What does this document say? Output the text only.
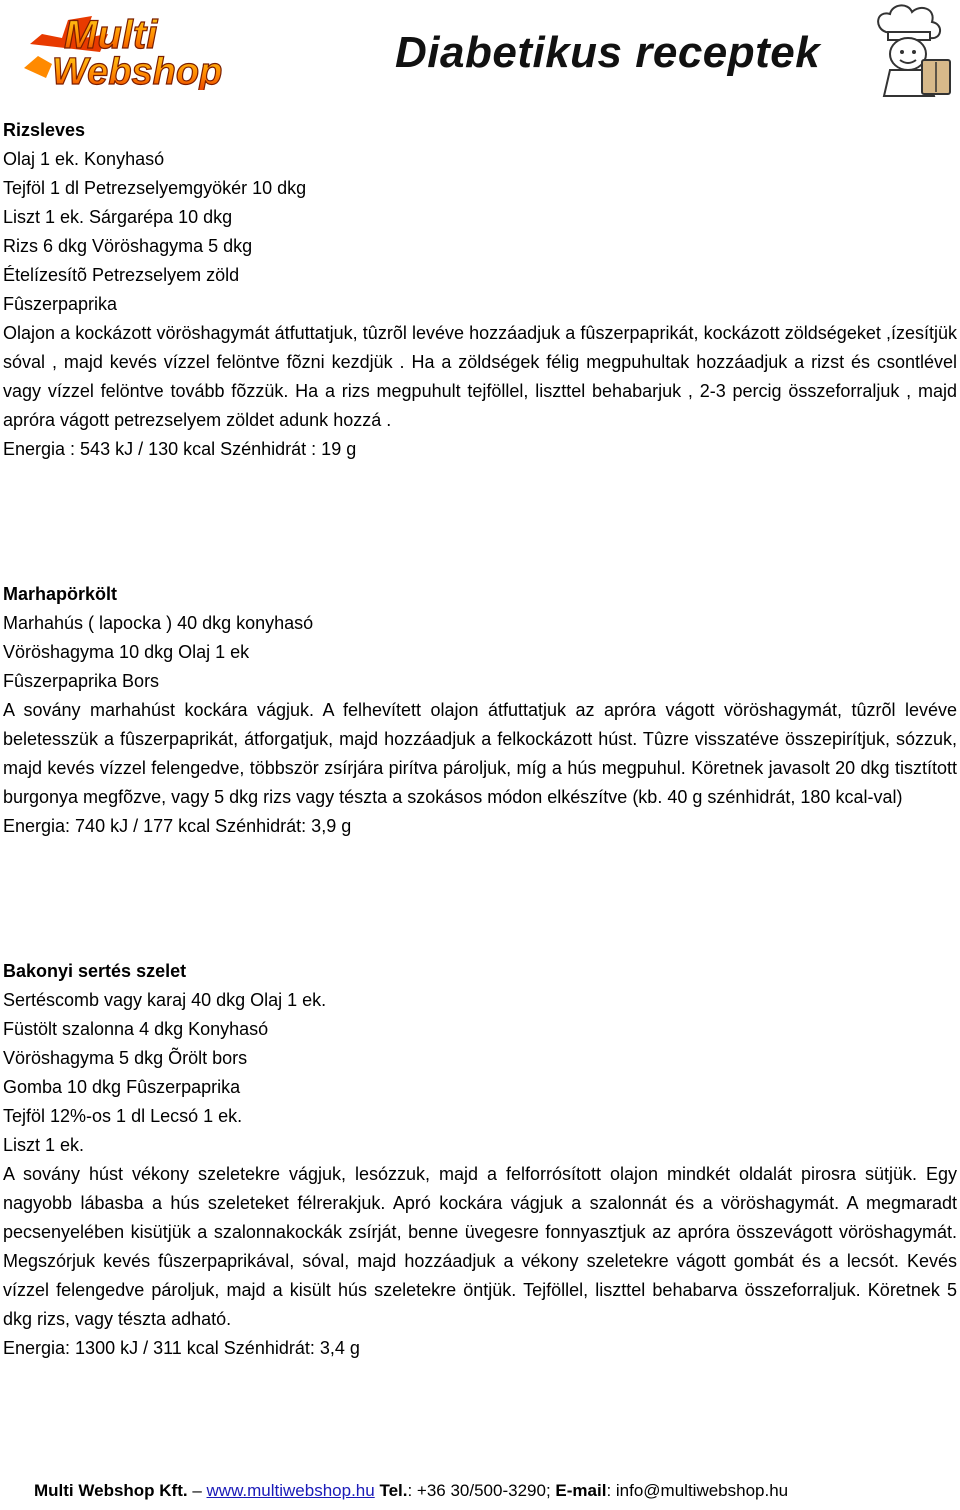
Multi
Webshop	Diabetikus receptek
Rizsleves
Olaj 1 ek. Konyhasó
Tejföl 1 dl Petrezselyemgyökér 10 dkg
Liszt 1 ek. Sárgarépa 10 dkg
Rizs 6 dkg Vöröshagyma 5 dkg
Ételízesítõ Petrezselyem zöld
Fûszerpaprika
Olajon a kockázott vöröshagymát átfuttatjuk, tûzrõl levéve hozzáadjuk a fûszerpaprikát, kockázott zöldségeket ,ízesítjük sóval , majd kevés vízzel felöntve fõzni kezdjük . Ha a zöldségek félig megpuhultak hozzáadjuk a rizst és csontlével vagy vízzel felöntve tovább fõzzük. Ha a rizs megpuhult tejföllel, liszttel behabarjuk , 2-3 percig összeforraljuk , majd apróra vágott petrezselyem zöldet adunk hozzá .
Energia : 543 kJ / 130 kcal Szénhidrát : 19 g
Marhapörkölt
Marhahús ( lapocka ) 40 dkg konyhasó
Vöröshagyma 10 dkg Olaj 1 ek
Fûszerpaprika Bors
A sovány marhahúst kockára vágjuk. A felhevített olajon átfuttatjuk az apróra vágott vöröshagymát, tûzrõl levéve beletesszük a fûszerpaprikát, átforgatjuk, majd hozzáadjuk a felkockázott húst. Tûzre visszatéve összepirítjuk, sózzuk, majd kevés vízzel felengedve, többször zsírjára pirítva pároljuk, míg a hús megpuhul. Köretnek javasolt 20 dkg tisztított burgonya megfõzve, vagy 5 dkg rizs vagy tészta a szokásos módon elkészítve (kb. 40 g szénhidrát, 180 kcal-val)
Energia: 740 kJ / 177 kcal Szénhidrát: 3,9 g
Bakonyi sertés szelet
Sertéscomb vagy karaj 40 dkg Olaj 1 ek.
Füstölt szalonna 4 dkg Konyhasó
Vöröshagyma 5 dkg Õrölt bors
Gomba 10 dkg Fûszerpaprika
Tejföl 12%-os 1 dl Lecsó 1 ek.
Liszt 1 ek.
A sovány húst vékony szeletekre vágjuk, lesózzuk, majd a felforrósított olajon mindkét oldalát pirosra sütjük. Egy nagyobb lábasba a hús szeleteket félrerakjuk. Apró kockára vágjuk a szalonnát és a vöröshagymát. A megmaradt pecsenyelében kisütjük a szalonnakockák zsírját, benne üvegesre fonnyasztjuk az apróra összevágott vöröshagymát. Megszórjuk kevés fûszerpaprikával, sóval, majd hozzáadjuk a vékony szeletekre vágott gombát és a lecsót. Kevés vízzel felengedve pároljuk, majd a kisült hús szeletekre öntjük. Tejföllel, liszttel behabarva összeforraljuk. Köretnek 5 dkg rizs, vagy tészta adható.
Energia: 1300 kJ / 311 kcal Szénhidrát: 3,4 g
Multi Webshop Kft. – www.multiwebshop.hu Tel.: +36 30/500-3290; E-mail: info@multiwebshop.hu
